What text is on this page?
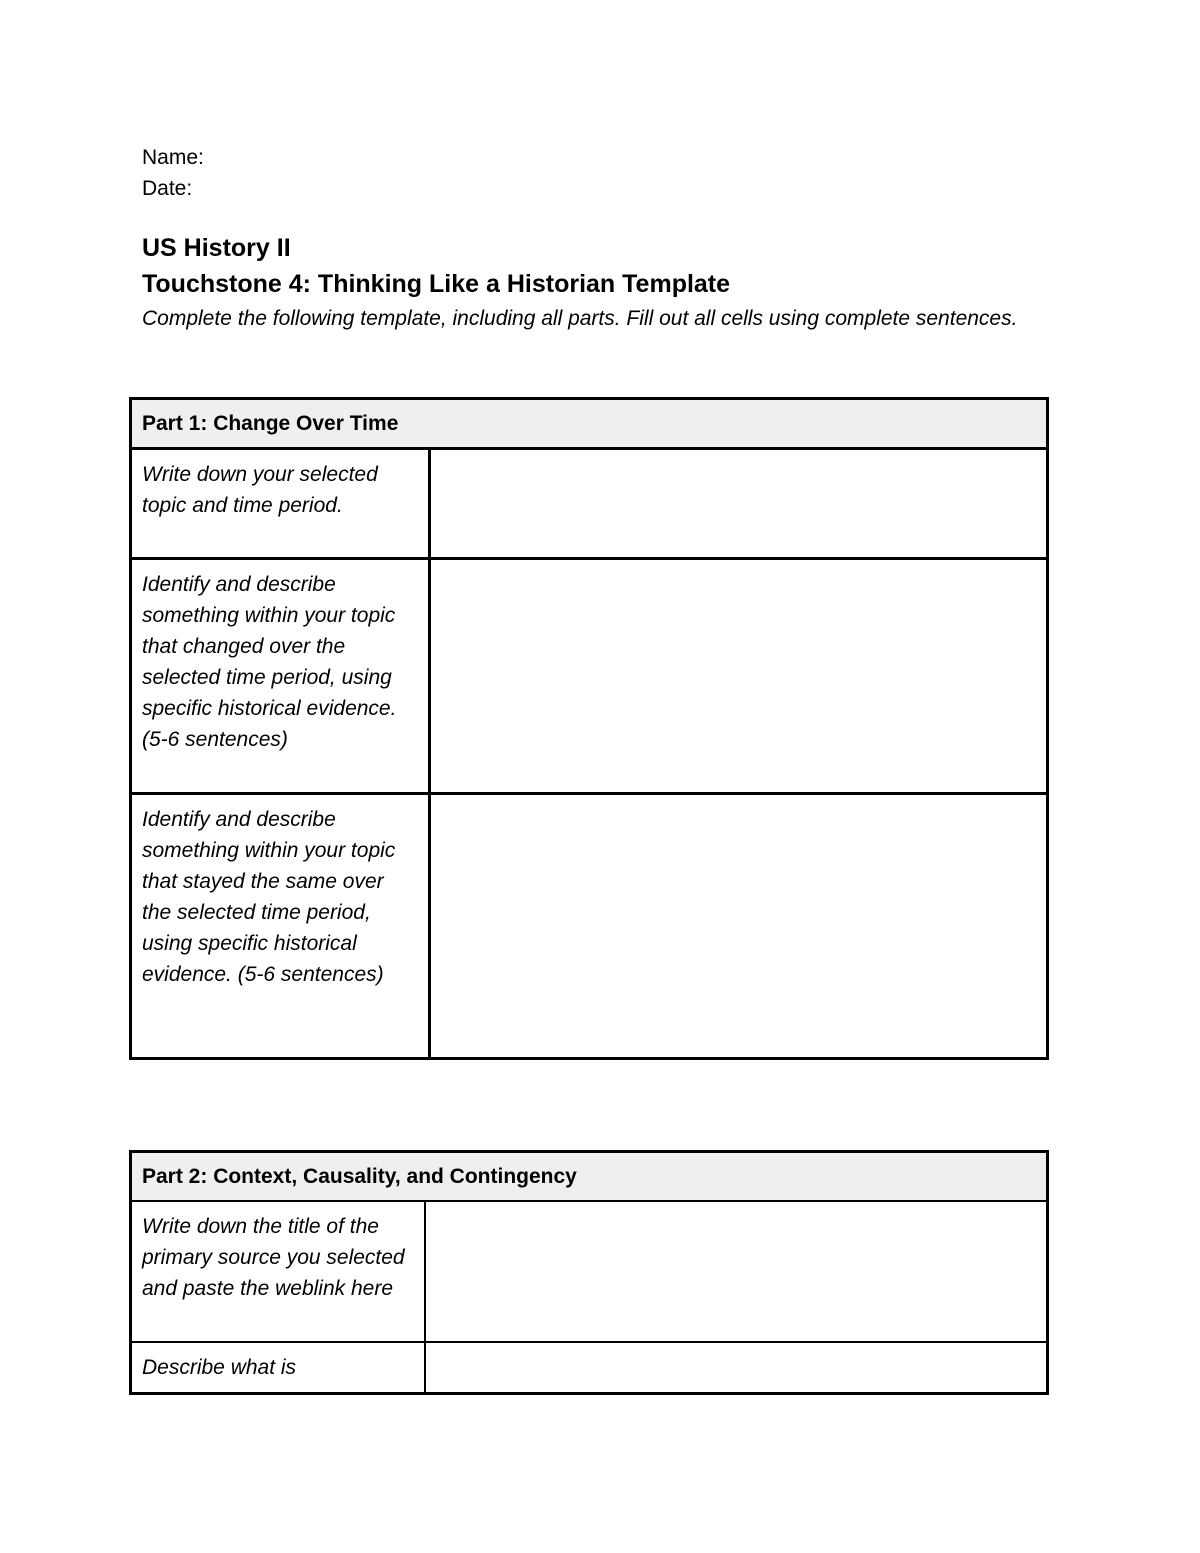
Name:
Date:
US History II
Touchstone 4: Thinking Like a Historian Template
Complete the following template, including all parts. Fill out all cells using complete sentences.
Part 1: Change Over Time	
Write down your selected topic and time period.	
Identify and describe something within your topic that changed over the selected time period, using specific historical evidence. (5-6 sentences)	
Identify and describe something within your topic that stayed the same over the selected time period, using specific historical evidence. (5-6 sentences)	
Part 2: Context, Causality, and Contingency	
Write down the title of the primary source you selected and paste the weblink here	
Describe what is	
